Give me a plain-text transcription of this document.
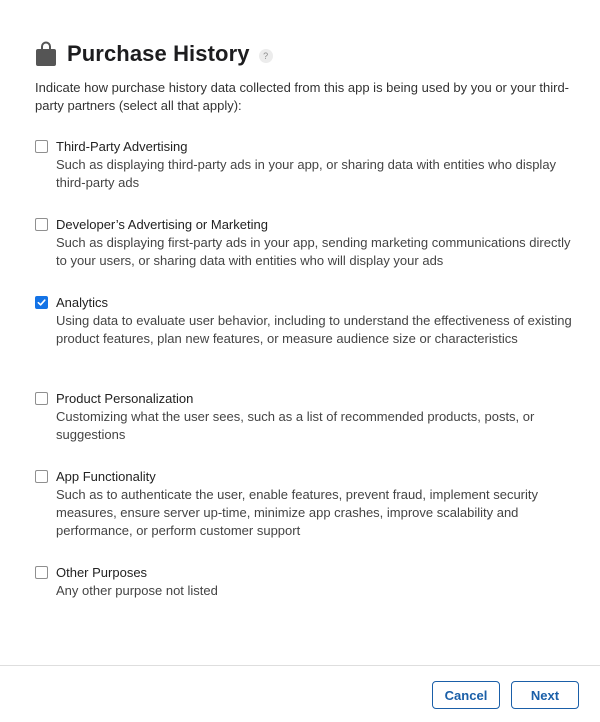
Purchase History	?

Indicate how purchase history data collected from this app is being used by you or your third-party partners (select all that apply):

Third-Party Advertising
Such as displaying third-party ads in your app, or sharing data with entities who display third-party ads
Developer’s Advertising or Marketing
Such as displaying first-party ads in your app, sending marketing communications directly to your users, or sharing data with entities who will display your ads
Analytics
Using data to evaluate user behavior, including to understand the effectiveness of existing product features, plan new features, or measure audience size or characteristics
Product Personalization
Customizing what the user sees, such as a list of recommended products, posts, or suggestions
App Functionality
Such as to authenticate the user, enable features, prevent fraud, implement security measures, ensure server up-time, minimize app crashes, improve scalability and performance, or perform customer support
Other Purposes
Any other purpose not listed
Cancel	Next
